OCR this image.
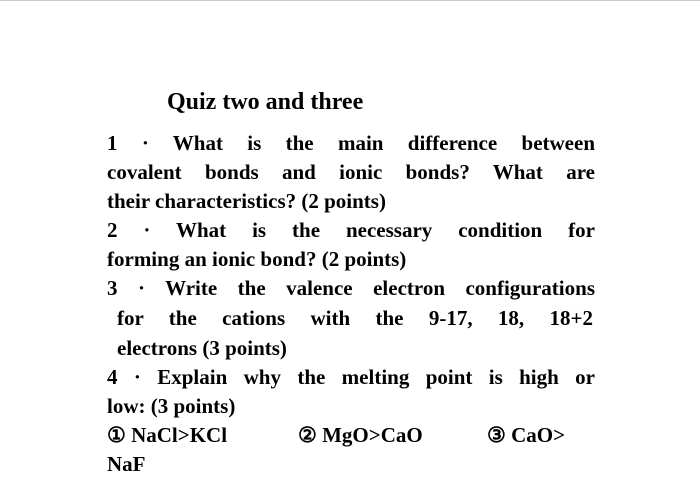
Quiz two and three
1 · What is the main difference between
covalent bonds and ionic bonds? What are
their characteristics? (2 points)
2 · What is the necessary condition for
forming an ionic bond? (2 points)
3 · Write the valence electron configurations
for the cations with the 9-17, 18, 18+2
electrons (3 points)
4 · Explain why the melting point is high or
low: (3 points)
① NaCl>KCl	② MgO>CaO	③ CaO>
NaF
